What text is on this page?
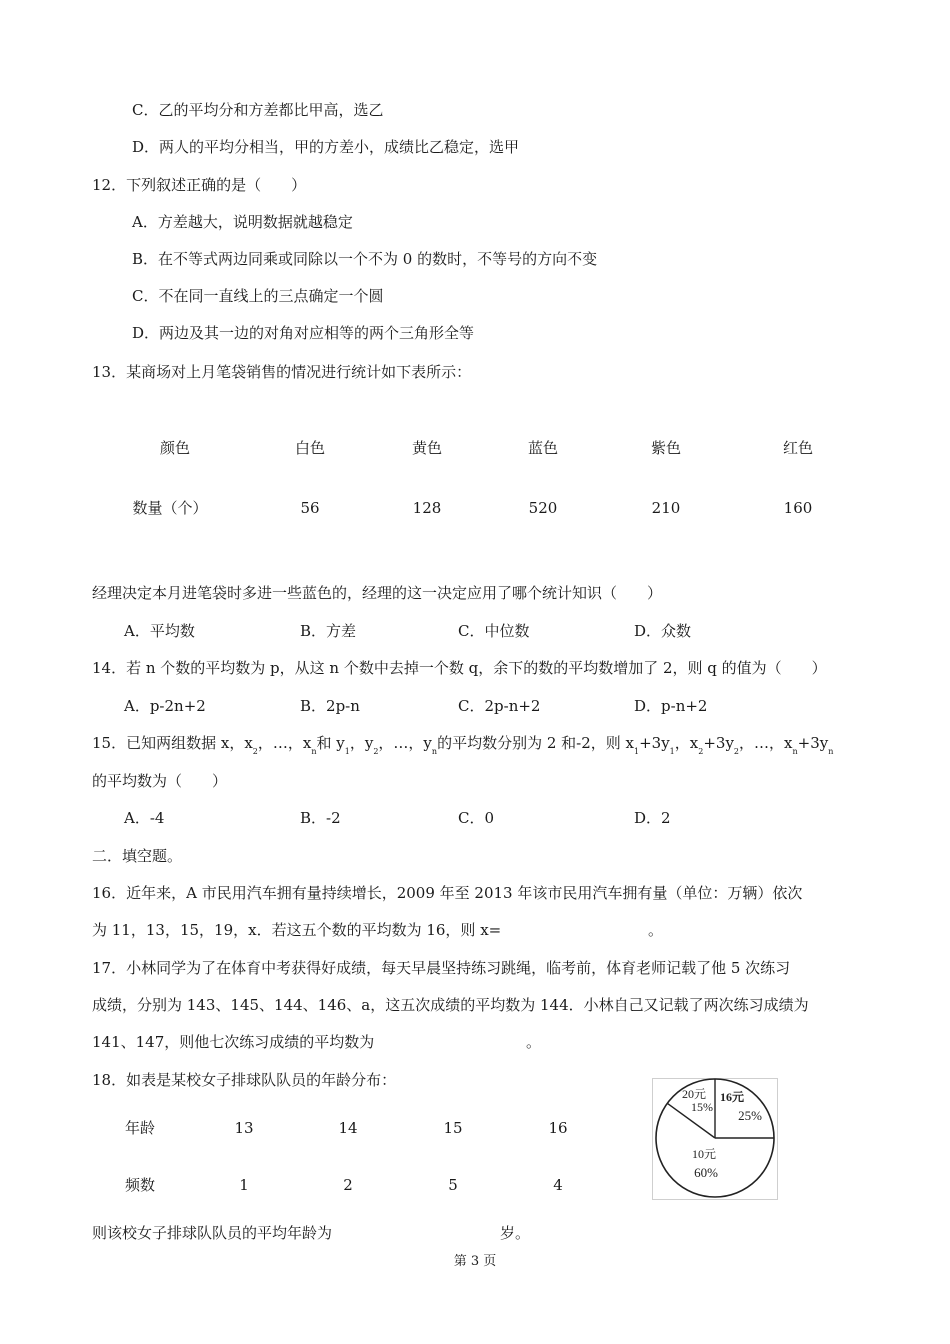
C．乙的平均分和方差都比甲高，选乙
D．两人的平均分相当，甲的方差小，成绩比乙稳定，选甲
12．下列叙述正确的是（　　）
A．方差越大，说明数据就越稳定
B．在不等式两边同乘或同除以一个不为 0 的数时，不等号的方向不变
C．不在同一直线上的三点确定一个圆
D．两边及其一边的对角对应相等的两个三角形全等
13．某商场对上月笔袋销售的情况进行统计如下表所示：
颜色	白色	黄色	蓝色	紫色	红色
数量（个）	56	128	520	210	160
经理决定本月进笔袋时多进一些蓝色的，经理的这一决定应用了哪个统计知识（　　）
A．平均数	B．方差	C．中位数	D．众数
14．若 n 个数的平均数为 p，从这 n 个数中去掉一个数 q，余下的数的平均数增加了 2，则 q 的值为（　　）
A．p-2n+2	B．2p-n	C．2p-n+2	D．p-n+2
15．已知两组数据 x，$x_2$，…，$x_n$和 $y_1$，$y_2$，…，$y_n$的平均数分别为 2 和-2，则 $x_1+3y_1$，$x_2+3y_2$，…，$x_n+3y_n$
的平均数为（　　）
A．-4	B．-2	C．0	D．2
二．填空题。
16．近年来，A 市民用汽车拥有量持续增长，2009 年至 2013 年该市民用汽车拥有量（单位：万辆）依次
为 11，13，15，19，x．若这五个数的平均数为 16，则 x=	。
17．小林同学为了在体育中考获得好成绩，每天早晨坚持练习跳绳，临考前，体育老师记载了他 5 次练习
成绩，分别为 143、145、144、146、a，这五次成绩的平均数为 144．小林自己又记载了两次练习成绩为
141、147，则他七次练习成绩的平均数为	。
18．如表是某校女子排球队队员的年龄分布：
年龄	13	14	15	16
频数	1	2	5	4
20元
15%
16元
25%
10元
60%
则该校女子排球队队员的平均年龄为	岁。
第 3 页
